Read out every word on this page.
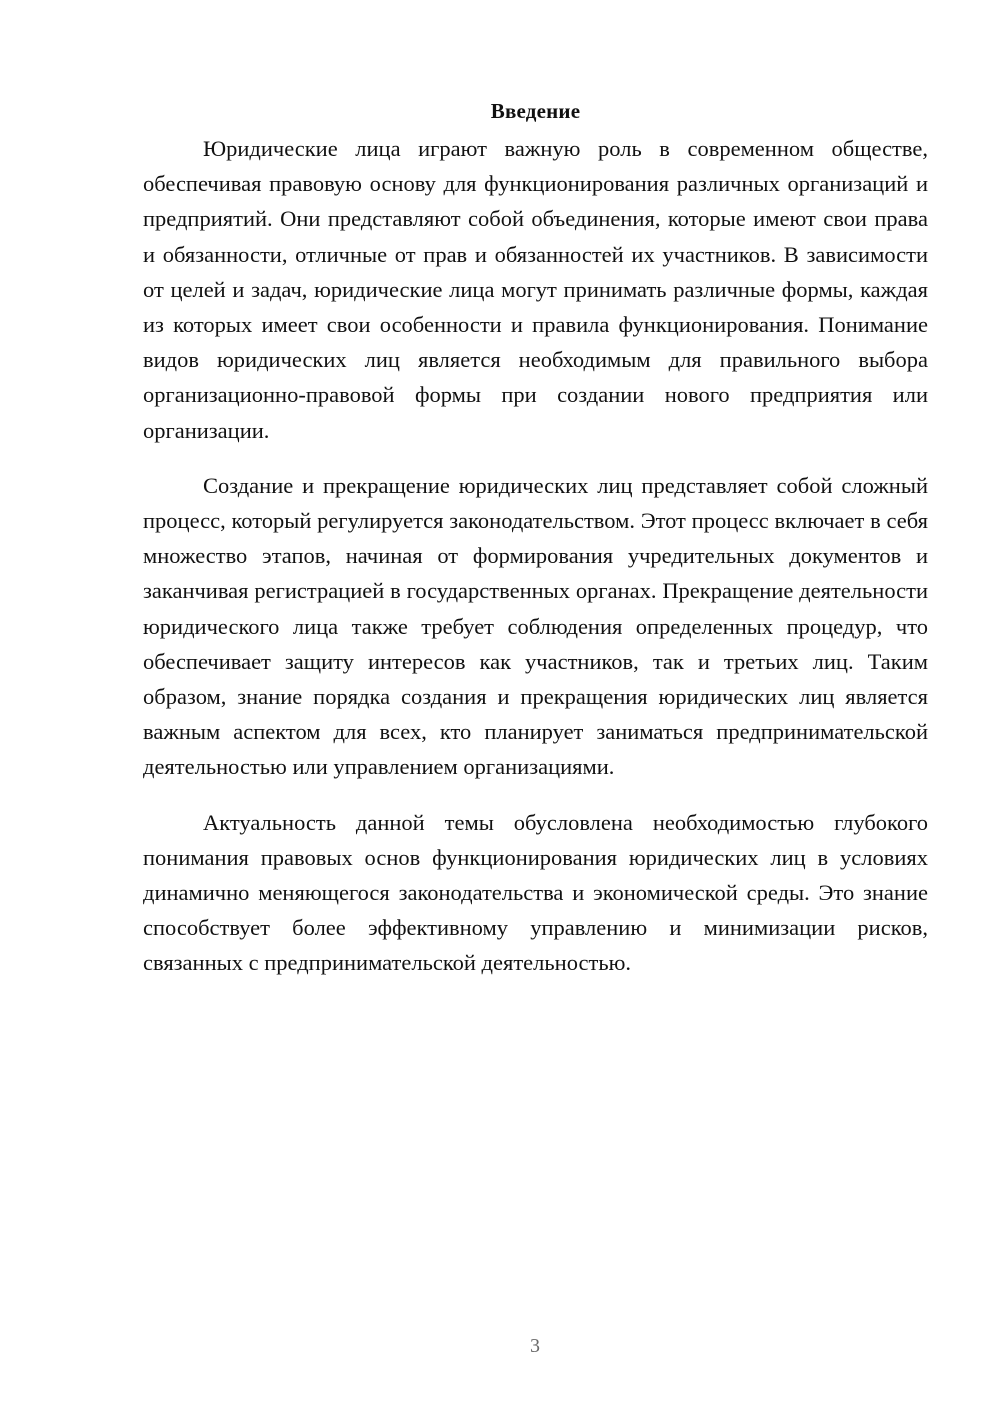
Введение

Юридические лица играют важную роль в современном обществе, обеспечивая правовую основу для функционирования различных организаций и предприятий. Они представляют собой объединения, которые имеют свои права и обязанности, отличные от прав и обязанностей их участников. В зависимости от целей и задач, юридические лица могут принимать различные формы, каждая из которых имеет свои особенности и правила функционирования. Понимание видов юридических лиц является необходимым для правильного выбора организационно-правовой формы при создании нового предприятия или организации.

Создание и прекращение юридических лиц представляет собой сложный процесс, который регулируется законодательством. Этот процесс включает в себя множество этапов, начиная от формирования учредительных документов и заканчивая регистрацией в государственных органах. Прекращение деятельности юридического лица также требует соблюдения определенных процедур, что обеспечивает защиту интересов как участников, так и третьих лиц. Таким образом, знание порядка создания и прекращения юридических лиц является важным аспектом для всех, кто планирует заниматься предпринимательской деятельностью или управлением организациями.

Актуальность данной темы обусловлена необходимостью глубокого понимания правовых основ функционирования юридических лиц в условиях динамично меняющегося законодательства и экономической среды. Это знание способствует более эффективному управлению и минимизации рисков, связанных с предпринимательской деятельностью.

3
